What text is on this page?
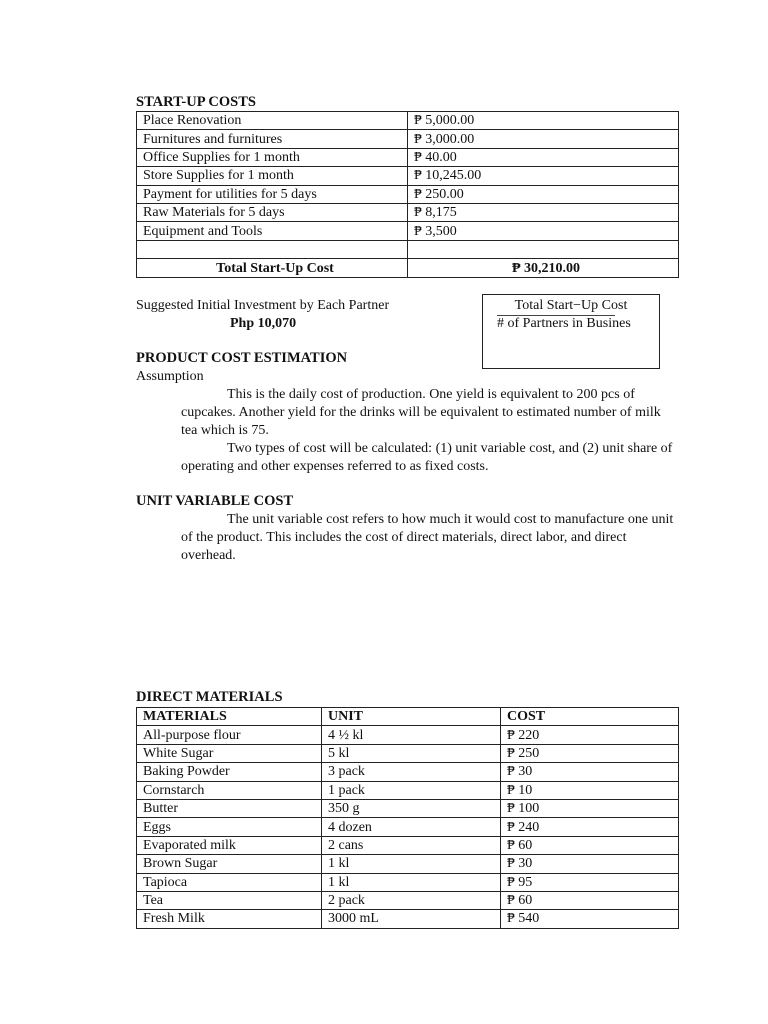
START-UP COSTS
Place Renovation	₱ 5,000.00
Furnitures and furnitures	₱ 3,000.00
Office Supplies for 1 month	₱ 40.00
Store Supplies for 1 month	₱ 10,245.00
Payment for utilities for 5 days	₱ 250.00
Raw Materials for 5 days	₱ 8,175
Equipment and Tools	₱ 3,500

Total Start-Up Cost	₱ 30,210.00
Suggested Initial Investment by Each Partner
Php 10,070
Total Start−Up Cost
# of Partners in Busines
PRODUCT COST ESTIMATION
Assumption

This is the daily cost of production. One yield is equivalent to 200 pcs of cupcakes. Another yield for the drinks will be equivalent to estimated number of milk tea which is 75.

Two types of cost will be calculated: (1) unit variable cost, and (2) unit share of operating and other expenses referred to as fixed costs.

UNIT VARIABLE COST

The unit variable cost refers to how much it would cost to manufacture one unit of the product. This includes the cost of direct materials, direct labor, and direct overhead.

DIRECT MATERIALS
MATERIALS	UNIT	COST
All-purpose flour	4 ½ kl	₱ 220
White Sugar	5 kl	₱ 250
Baking Powder	3 pack	₱ 30
Cornstarch	1 pack	₱ 10
Butter	350 g	₱ 100
Eggs	4 dozen	₱ 240
Evaporated milk	2 cans	₱ 60
Brown Sugar	1 kl	₱ 30
Tapioca	1 kl	₱ 95
Tea	2 pack	₱ 60
Fresh Milk	3000 mL	₱ 540
